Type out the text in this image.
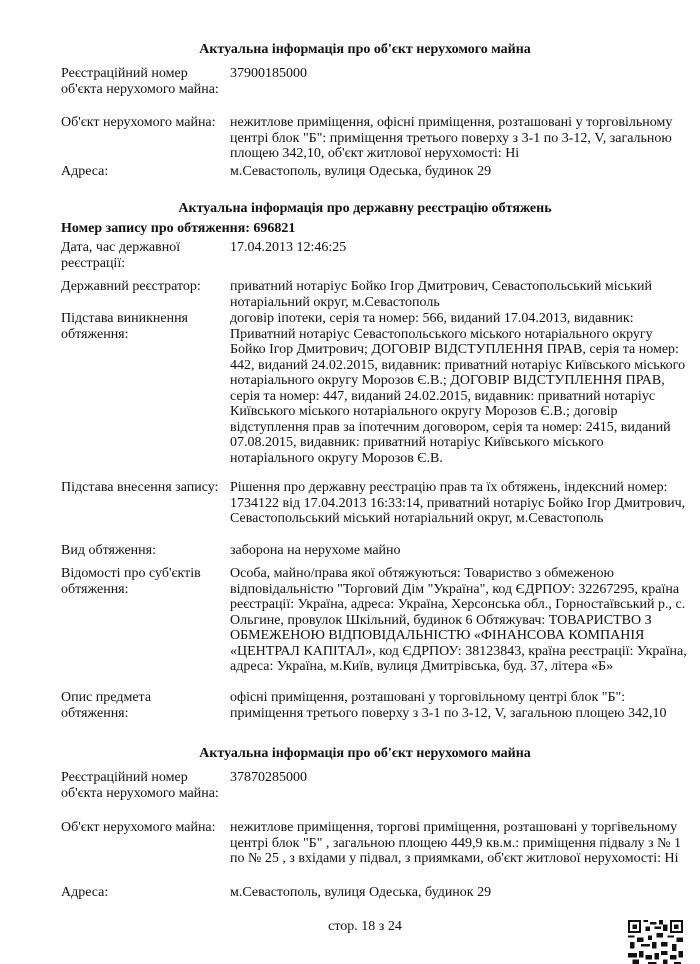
Актуальна інформація про об'єкт нерухомого майна
Реєстраційний номер об'єкта нерухомого майна:
37900185000
Об'єкт нерухомого майна:	нежитлове приміщення, офісні приміщення, розташовані у торговільному центрі блок "Б": приміщення третього поверху з 3-1 по 3-12, V, загальною площею 342,10, об'єкт житлової нерухомості: Ні
Адреса:	м.Севастополь, вулиця Одеська, будинок 29
Актуальна інформація про державну реєстрацію обтяжень
Номер запису про обтяження: 696821
Дата, час державної реєстрації:
17.04.2013 12:46:25
Державний реєстратор:	приватний нотаріус Бойко Ігор Дмитрович, Севастопольський міський нотаріальний округ, м.Севастополь
Підстава виникнення обтяження:
договір іпотеки, серія та номер: 566, виданий 17.04.2013, видавник: Приватний нотаріус Севастопольського міського нотаріального округу Бойко Ігор Дмитрович; ДОГОВІР ВІДСТУПЛЕННЯ ПРАВ, серія та номер: 442, виданий 24.02.2015, видавник: приватний нотаріус Київського міського нотаріального округу Морозов Є.В.; ДОГОВІР ВІДСТУПЛЕННЯ ПРАВ, серія та номер: 447, виданий 24.02.2015, видавник: приватний нотаріус Київського міського нотаріального округу Морозов Є.В.; договір відступлення прав за іпотечним договором, серія та номер: 2415, виданий 07.08.2015, видавник: приватний нотаріус Київського міського нотаріального округу Морозов Є.В.
Підстава внесення запису: Рішення про державну реєстрацію прав та їх обтяжень, індексний номер: 1734122 від 17.04.2013 16:33:14, приватний нотаріус Бойко Ігор Дмитрович, Севастопольський міський нотаріальний округ, м.Севастополь
Вид обтяження:	заборона на нерухоме майно
Відомості про суб'єктів обтяження:
Особа, майно/права якої обтяжуються: Товариство з обмеженою відповідальністю "Торговий Дім "Україна", код ЄДРПОУ: 32267295, країна реєстрації: Україна, адреса: Україна, Херсонська обл., Горностаївський р., с. Ольгине, провулок Шкільний, будинок 6 Обтяжувач: ТОВАРИСТВО З ОБМЕЖЕНОЮ ВІДПОВІДАЛЬНІСТЮ «ФІНАНСОВА КОМПАНІЯ «ЦЕНТРАЛ КАПІТАЛ», код ЄДРПОУ: 38123843, країна реєстрації: Україна, адреса: Україна, м.Київ, вулиця Дмитрівська, буд. 37, літера «Б»
Опис предмета обтяження:
офісні приміщення, розташовані у торговільному центрі блок "Б": приміщення третього поверху з 3-1 по 3-12, V, загальною площею 342,10
Актуальна інформація про об'єкт нерухомого майна
Реєстраційний номер об'єкта нерухомого майна:
37870285000
Об'єкт нерухомого майна:	нежитлове приміщення, торгові приміщення, розташовані у торгівельному центрі блок "Б" , загальною площею 449,9 кв.м.: приміщення підвалу з № 1 по № 25 , з вхідами у підвал, з приямками, об'єкт житлової нерухомості: Ні
Адреса:	м.Севастополь, вулиця Одеська, будинок 29
стор. 18 з 24
